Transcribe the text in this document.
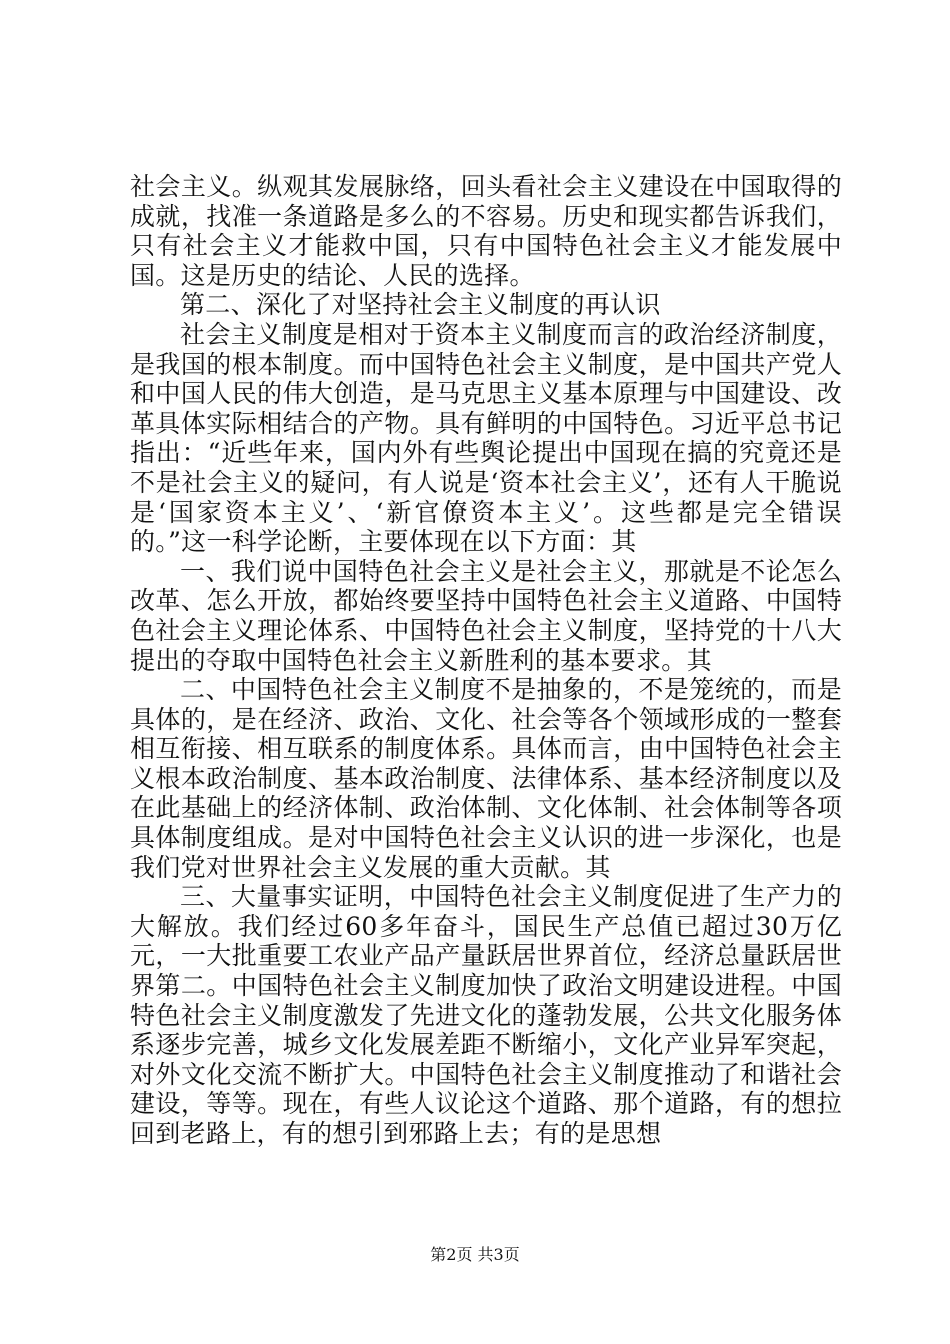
社会主义。纵观其发展脉络，回头看社会主义建设在中国取得的成就，找准一条道路是多么的不容易。历史和现实都告诉我们，只有社会主义才能救中国，只有中国特色社会主义才能发展中国。这是历史的结论、人民的选择。

第二、深化了对坚持社会主义制度的再认识

社会主义制度是相对于资本主义制度而言的政治经济制度，是我国的根本制度。而中国特色社会主义制度，是中国共产党人和中国人民的伟大创造，是马克思主义基本原理与中国建设、改革具体实际相结合的产物。具有鲜明的中国特色。习近平总书记指出：“近些年来，国内外有些舆论提出中国现在搞的究竟还是不是社会主义的疑问，有人说是‘资本社会主义’，还有人干脆说是‘国家资本主义’、‘新官僚资本主义’。这些都是完全错误的。”这一科学论断，主要体现在以下方面：其

一、我们说中国特色社会主义是社会主义，那就是不论怎么改革、怎么开放，都始终要坚持中国特色社会主义道路、中国特色社会主义理论体系、中国特色社会主义制度，坚持党的十八大提出的夺取中国特色社会主义新胜利的基本要求。其

二、中国特色社会主义制度不是抽象的，不是笼统的，而是具体的，是在经济、政治、文化、社会等各个领域形成的一整套相互衔接、相互联系的制度体系。具体而言，由中国特色社会主义根本政治制度、基本政治制度、法律体系、基本经济制度以及在此基础上的经济体制、政治体制、文化体制、社会体制等各项具体制度组成。是对中国特色社会主义认识的进一步深化，也是我们党对世界社会主义发展的重大贡献。其

三、大量事实证明，中国特色社会主义制度促进了生产力的大解放。我们经过60多年奋斗，国民生产总值已超过30万亿元，一大批重要工农业产品产量跃居世界首位，经济总量跃居世界第二。中国特色社会主义制度加快了政治文明建设进程。中国特色社会主义制度激发了先进文化的蓬勃发展，公共文化服务体系逐步完善，城乡文化发展差距不断缩小，文化产业异军突起，对外文化交流不断扩大。中国特色社会主义制度推动了和谐社会建设，等等。现在，有些人议论这个道路、那个道路，有的想拉回到老路上，有的想引到邪路上去；有的是思想

第2页 共3页
